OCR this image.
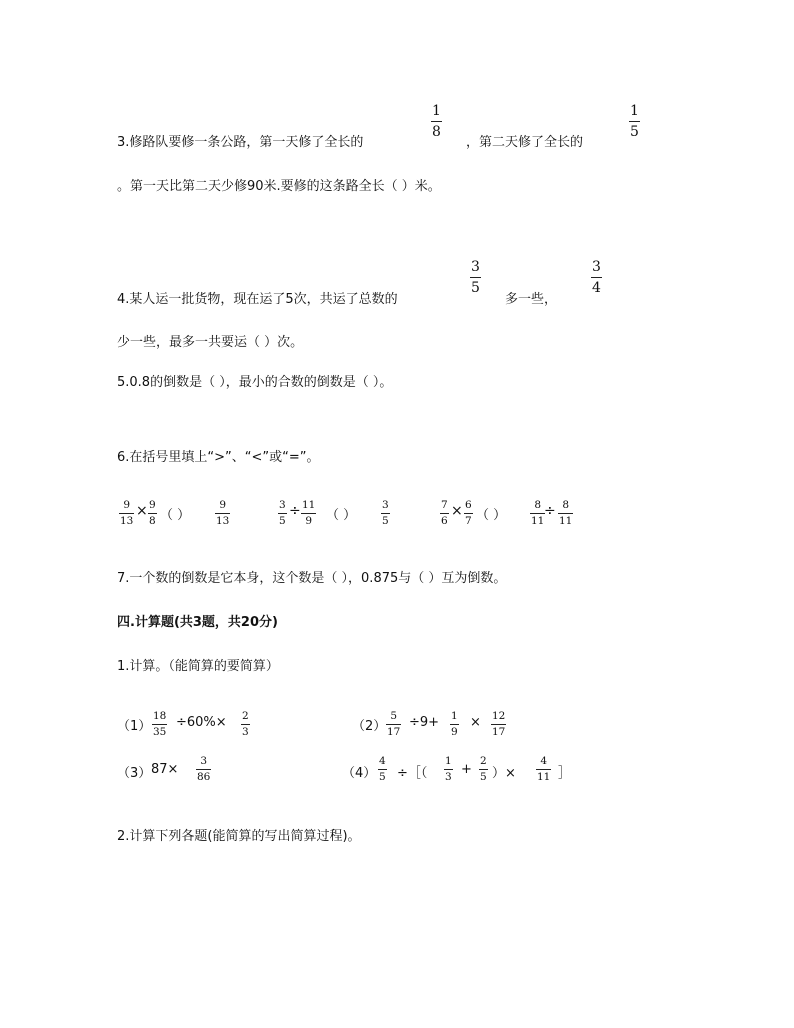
3.修路队要修一条公路，第一天修了全长的
1
8
，第二天修了全长的
1
5
。第一天比第二天少修90米.要修的这条路全长（ ）米。
4.某人运一批货物，现在运了5次，共运了总数的
3
5
多一些，
3
4
少一些，最多一共要运（ ）次。
5.0.8的倒数是（ ），最小的合数的倒数是（ ）。
6.在括号里填上“>”、“<”或“=”。
9
13
× 9
8 （ ）
9
13
3
5
÷ 11
9 （ ）
3
5
7
6
× 6
7 （ ）
8
11
÷ 8
11
7.一个数的倒数是它本身，这个数是（ ），0.875与（ ）互为倒数。
四.计算题(共3题，共20分)
1.计算。（能简算的要简算）
（1）
18
35
÷60%× 2
3	（2）
5
17
÷9+ 1
9
× 12
17
（3） 87×
3
86	（4）
4
5 ÷［（
1
3 +
2
5 ）×
4
11 ］
2.计算下列各题(能简算的写出简算过程)。
